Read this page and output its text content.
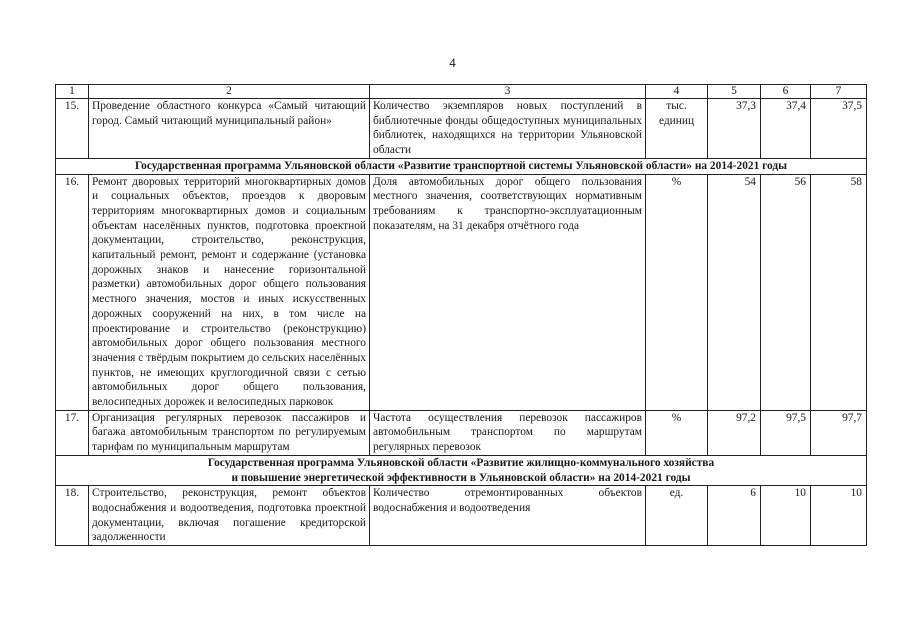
4
1	2	3	4	5	6	7
15.	Проведение областного конкурса «Самый читающий город. Самый читающий муниципальный район»	Количество экземпляров новых поступлений в библиотечные фонды общедоступных муниципальных библиотек, находящихся на территории Ульяновской области	тыс. единиц	37,3	37,4	37,5

Государственная программа Ульяновской области «Развитие транспортной системы Ульяновской области» на 2014-2021 годы						

16.	Ремонт дворовых территорий многоквартирных домов и социальных объектов, проездов к дворовым территориям многоквартирных домов и социальным объектам населённых пунктов, подготовка проектной документации, строительство, реконструкция, капитальный ремонт, ремонт и содержание (установка дорожных знаков и нанесение горизонтальной разметки) автомобильных дорог общего пользования местного значения, мостов и иных искусственных дорожных сооружений на них, в том числе на проектирование и строительство (реконструкцию) автомобильных дорог общего пользования местного значения с твёрдым покрытием до сельских населённых пунктов, не имеющих круглогодичной связи с сетью автомобильных дорог общего пользования, велосипедных дорожек и велосипедных парковок	Доля автомобильных дорог общего пользования местного значения, соответствующих нормативным требованиям к транспортно-эксплуатационным показателям, на 31 декабря отчётного года	%	54	56	58
17.	Организация регулярных перевозок пассажиров и багажа автомобильным транспортом по регулируемым тарифам по муниципальным маршрутам	Частота осуществления перевозок пассажиров автомобильным транспортом по маршрутам регулярных перевозок	%	97,2	97,5	97,7

Государственная программа Ульяновской области «Развитие жилищно-коммунального хозяйства
и повышение энергетической эффективности в Ульяновской области» на 2014-2021 годы						

18.	Строительство, реконструкция, ремонт объектов водоснабжения и водоотведения, подготовка проектной документации, включая погашение кредиторской задолженности	Количество отремонтированных объектов водоснабжения и водоотведения	ед.	6	10	10
